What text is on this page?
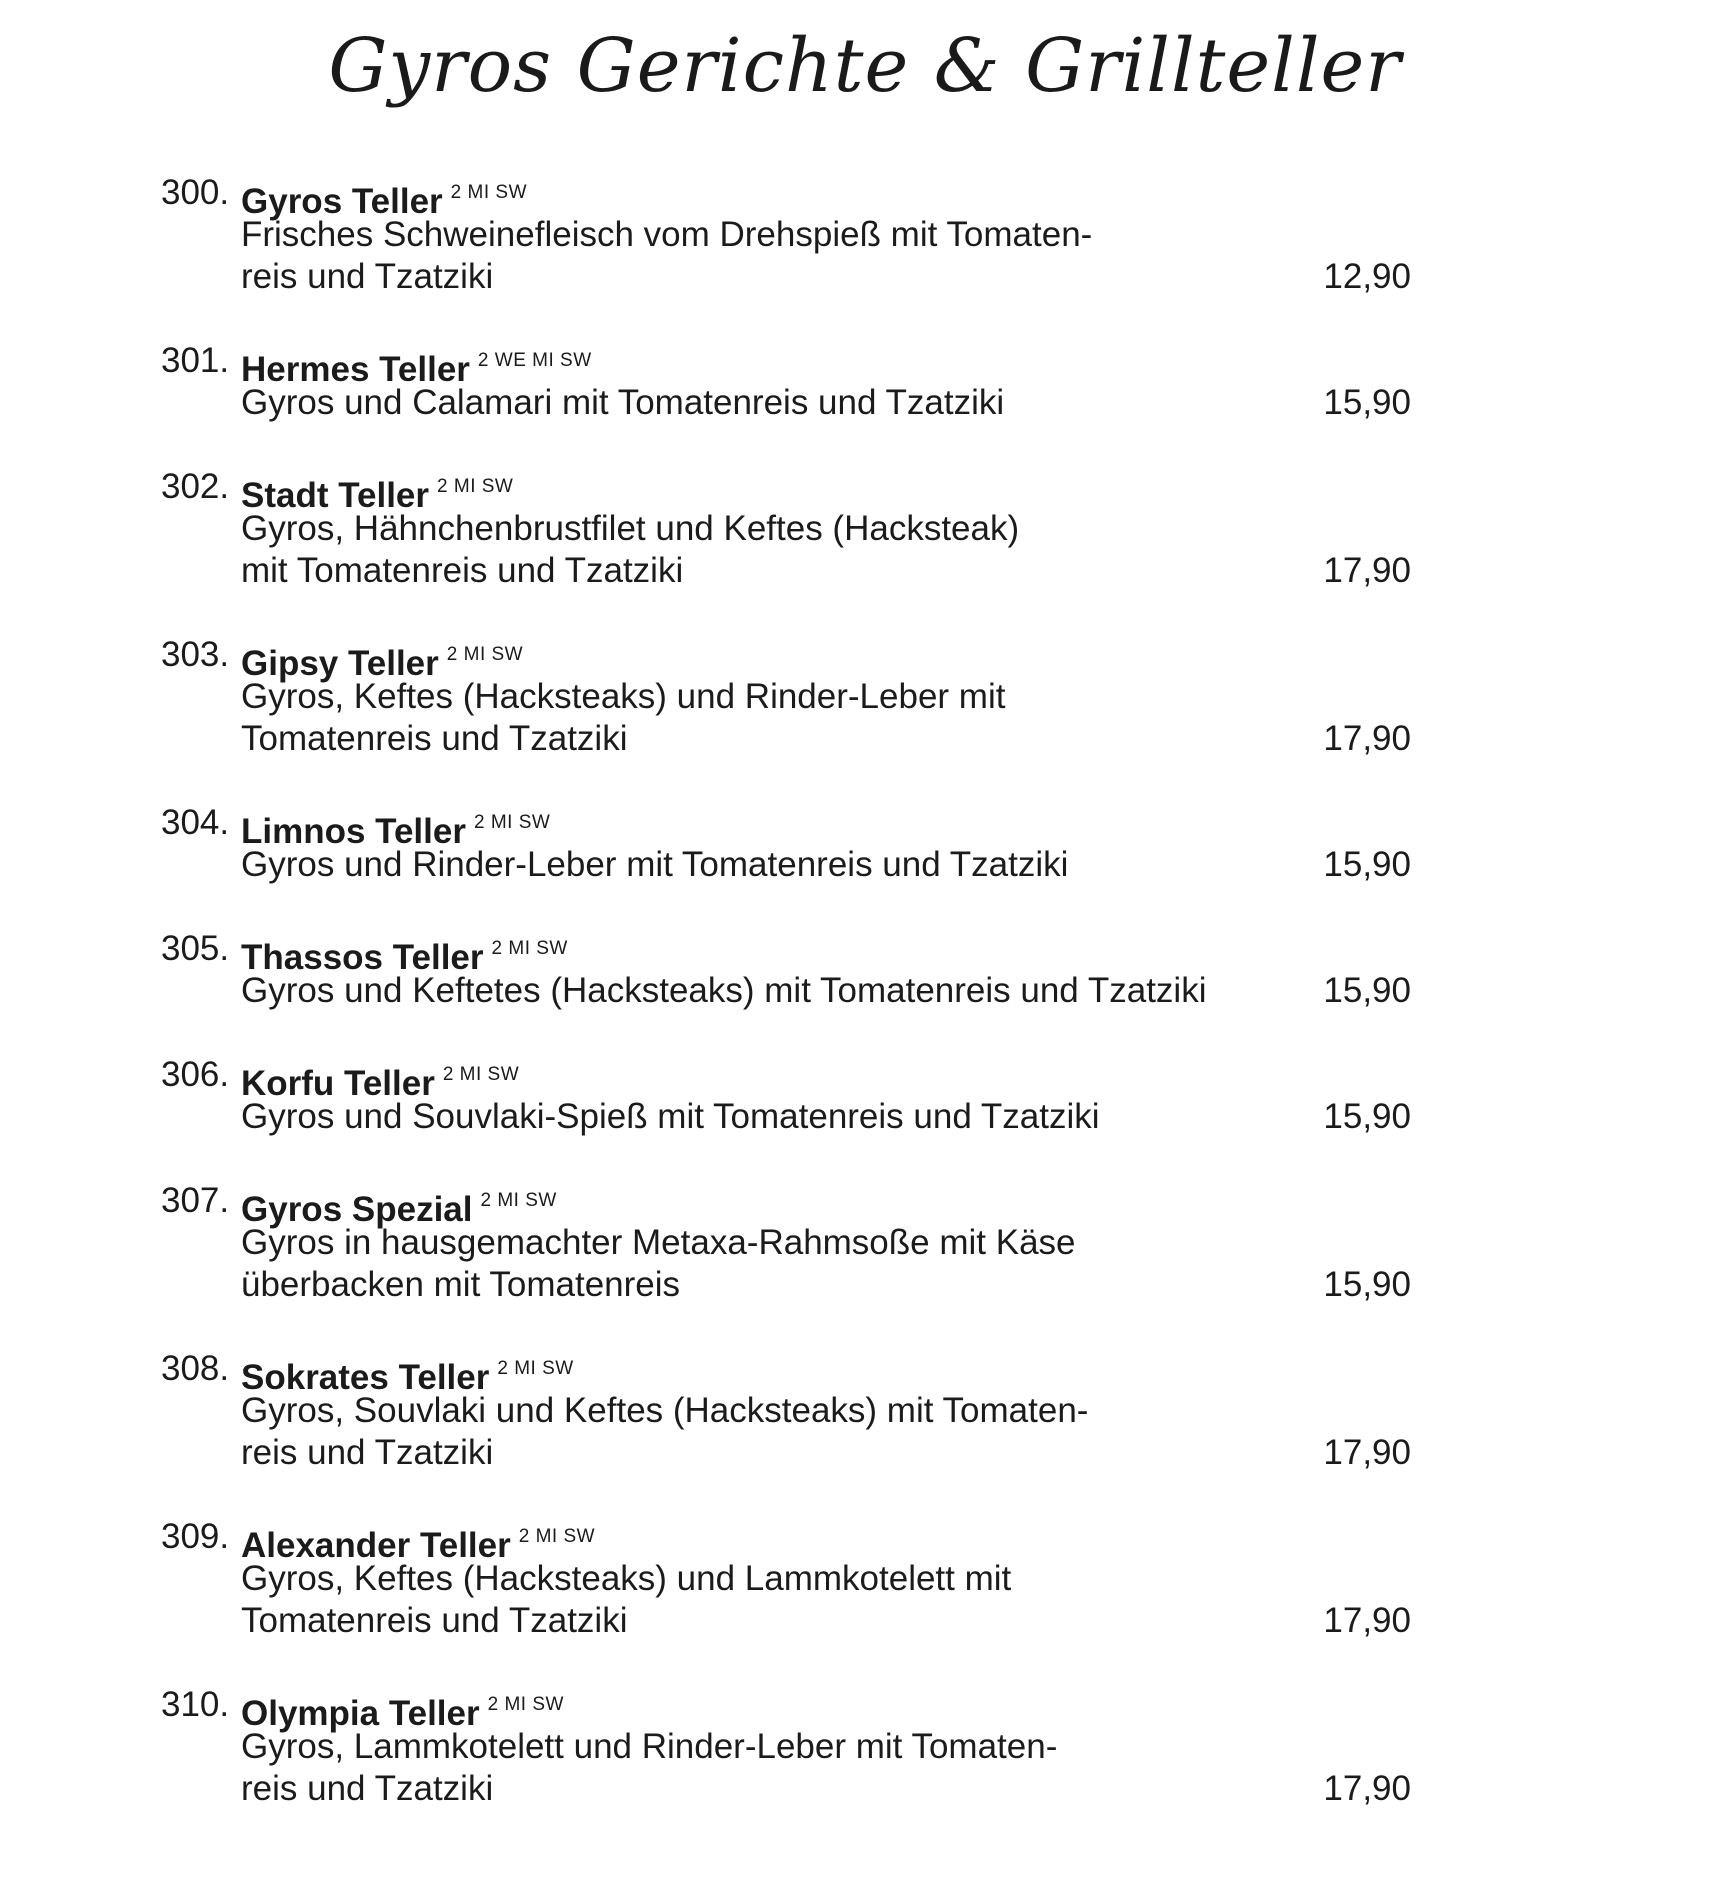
Gyros Gerichte & Grillteller
300. Gyros Teller 2 MI SW
Frisches Schweinefleisch vom Drehspieß mit Tomaten-
reis und Tzatziki	12,90
301. Hermes Teller 2 WE MI SW
Gyros und Calamari mit Tomatenreis und Tzatziki	15,90
302. Stadt Teller 2 MI SW
Gyros, Hähnchenbrustfilet und Keftes (Hacksteak)
mit Tomatenreis und Tzatziki	17,90
303. Gipsy Teller 2 MI SW
Gyros, Keftes (Hacksteaks) und Rinder-Leber mit
Tomatenreis und Tzatziki	17,90
304. Limnos Teller 2 MI SW
Gyros und Rinder-Leber mit Tomatenreis und Tzatziki	15,90
305. Thassos Teller 2 MI SW
Gyros und Keftetes (Hacksteaks) mit Tomatenreis und Tzatziki	15,90
306. Korfu Teller 2 MI SW
Gyros und Souvlaki-Spieß mit Tomatenreis und Tzatziki	15,90
307. Gyros Spezial 2 MI SW
Gyros in hausgemachter Metaxa-Rahmsoße mit Käse
überbacken mit Tomatenreis	15,90
308. Sokrates Teller 2 MI SW
Gyros, Souvlaki und Keftes (Hacksteaks) mit Tomaten-
reis und Tzatziki	17,90
309. Alexander Teller 2 MI SW
Gyros, Keftes (Hacksteaks) und Lammkotelett mit
Tomatenreis und Tzatziki	17,90
310. Olympia Teller 2 MI SW
Gyros, Lammkotelett und Rinder-Leber mit Tomaten-
reis und Tzatziki	17,90
